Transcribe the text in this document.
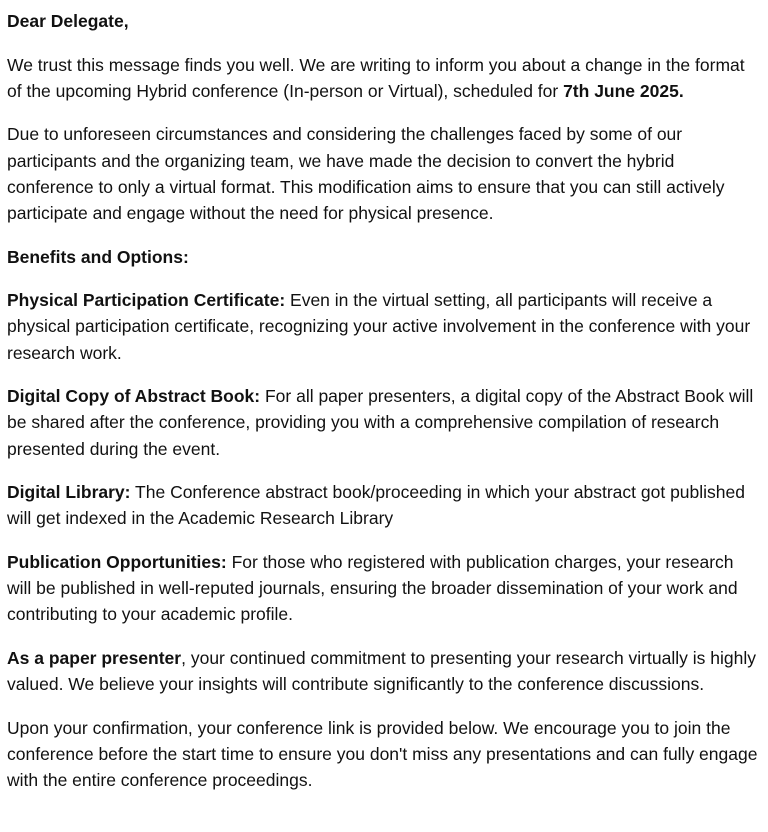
Dear Delegate,

We trust this message finds you well. We are writing to inform you about a change in the format of the upcoming Hybrid conference (In-person or Virtual), scheduled for 7th June 2025.

Due to unforeseen circumstances and considering the challenges faced by some of our participants and the organizing team, we have made the decision to convert the hybrid conference to only a virtual format. This modification aims to ensure that you can still actively participate and engage without the need for physical presence.

Benefits and Options:

Physical Participation Certificate: Even in the virtual setting, all participants will receive a physical participation certificate, recognizing your active involvement in the conference with your research work.

Digital Copy of Abstract Book: For all paper presenters, a digital copy of the Abstract Book will be shared after the conference, providing you with a comprehensive compilation of research presented during the event.

Digital Library: The Conference abstract book/proceeding in which your abstract got published will get indexed in the Academic Research Library

Publication Opportunities: For those who registered with publication charges, your research will be published in well-reputed journals, ensuring the broader dissemination of your work and contributing to your academic profile.

As a paper presenter, your continued commitment to presenting your research virtually is highly valued. We believe your insights will contribute significantly to the conference discussions.

Upon your confirmation, your conference link is provided below. We encourage you to join the conference before the start time to ensure you don't miss any presentations and can fully engage with the entire conference proceedings.
